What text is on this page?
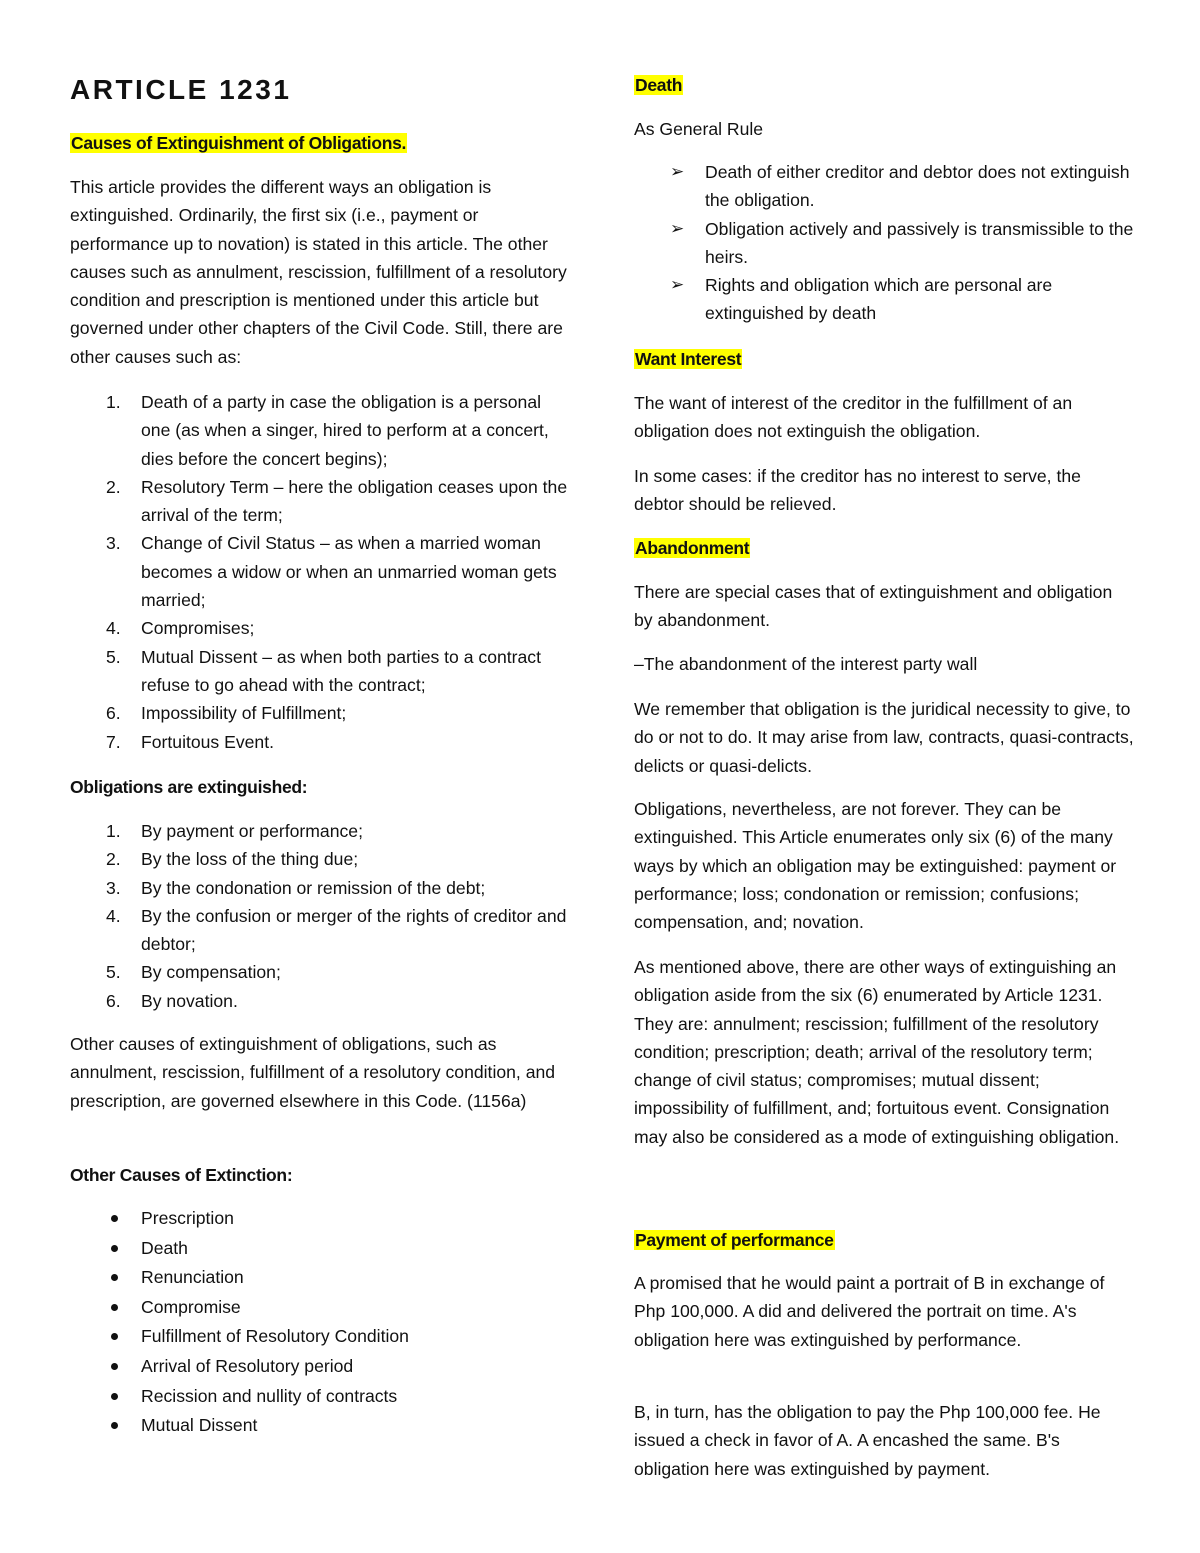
ARTICLE 1231
Causes of Extinguishment of Obligations.

This article provides the different ways an obligation is extinguished. Ordinarily, the first six (i.e., payment or performance up to novation) is stated in this article. The other causes such as annulment, rescission, fulfillment of a resolutory condition and prescription is mentioned under this article but governed under other chapters of the Civil Code. Still, there are other causes such as:

1. Death of a party in case the obligation is a personal one (as when a singer, hired to perform at a concert, dies before the concert begins);
2. Resolutory Term – here the obligation ceases upon the arrival of the term;
3. Change of Civil Status – as when a married woman becomes a widow or when an unmarried woman gets married;
4. Compromises;
5. Mutual Dissent – as when both parties to a contract refuse to go ahead with the contract;
6. Impossibility of Fulfillment;
7. Fortuitous Event.
Obligations are extinguished:
1. By payment or performance;
2. By the loss of the thing due;
3. By the condonation or remission of the debt;
4. By the confusion or merger of the rights of creditor and debtor;
5. By compensation;
6. By novation.

Other causes of extinguishment of obligations, such as annulment, rescission, fulfillment of a resolutory condition, and prescription, are governed elsewhere in this Code. (1156a)

Other Causes of Extinction:
Prescription
Death
Renunciation
Compromise
Fulfillment of Resolutory Condition
Arrival of Resolutory period
Recission and nullity of contracts
Mutual Dissent
Death

As General Rule

➢ Death of either creditor and debtor does not extinguish the obligation.
➢ Obligation actively and passively is transmissible to the heirs.
➢ Rights and obligation which are personal are extinguished by death
Want Interest

The want of interest of the creditor in the fulfillment of an obligation does not extinguish the obligation.

In some cases: if the creditor has no interest to serve, the debtor should be relieved.

Abandonment

There are special cases that of extinguishment and obligation by abandonment.

–The abandonment of the interest party wall

We remember that obligation is the juridical necessity to give, to do or not to do. It may arise from law, contracts, quasi-contracts, delicts or quasi-delicts.

Obligations, nevertheless, are not forever. They can be extinguished. This Article enumerates only six (6) of the many ways by which an obligation may be extinguished: payment or performance; loss; condonation or remission; confusions; compensation, and; novation.

As mentioned above, there are other ways of extinguishing an obligation aside from the six (6) enumerated by Article 1231. They are: annulment; rescission; fulfillment of the resolutory condition; prescription; death; arrival of the resolutory term; change of civil status; compromises; mutual dissent; impossibility of fulfillment, and; fortuitous event. Consignation may also be considered as a mode of extinguishing obligation.

Payment of performance

A promised that he would paint a portrait of B in exchange of Php 100,000. A did and delivered the portrait on time. A's obligation here was extinguished by performance.

B, in turn, has the obligation to pay the Php 100,000 fee. He issued a check in favor of A. A encashed the same. B's obligation here was extinguished by payment.
